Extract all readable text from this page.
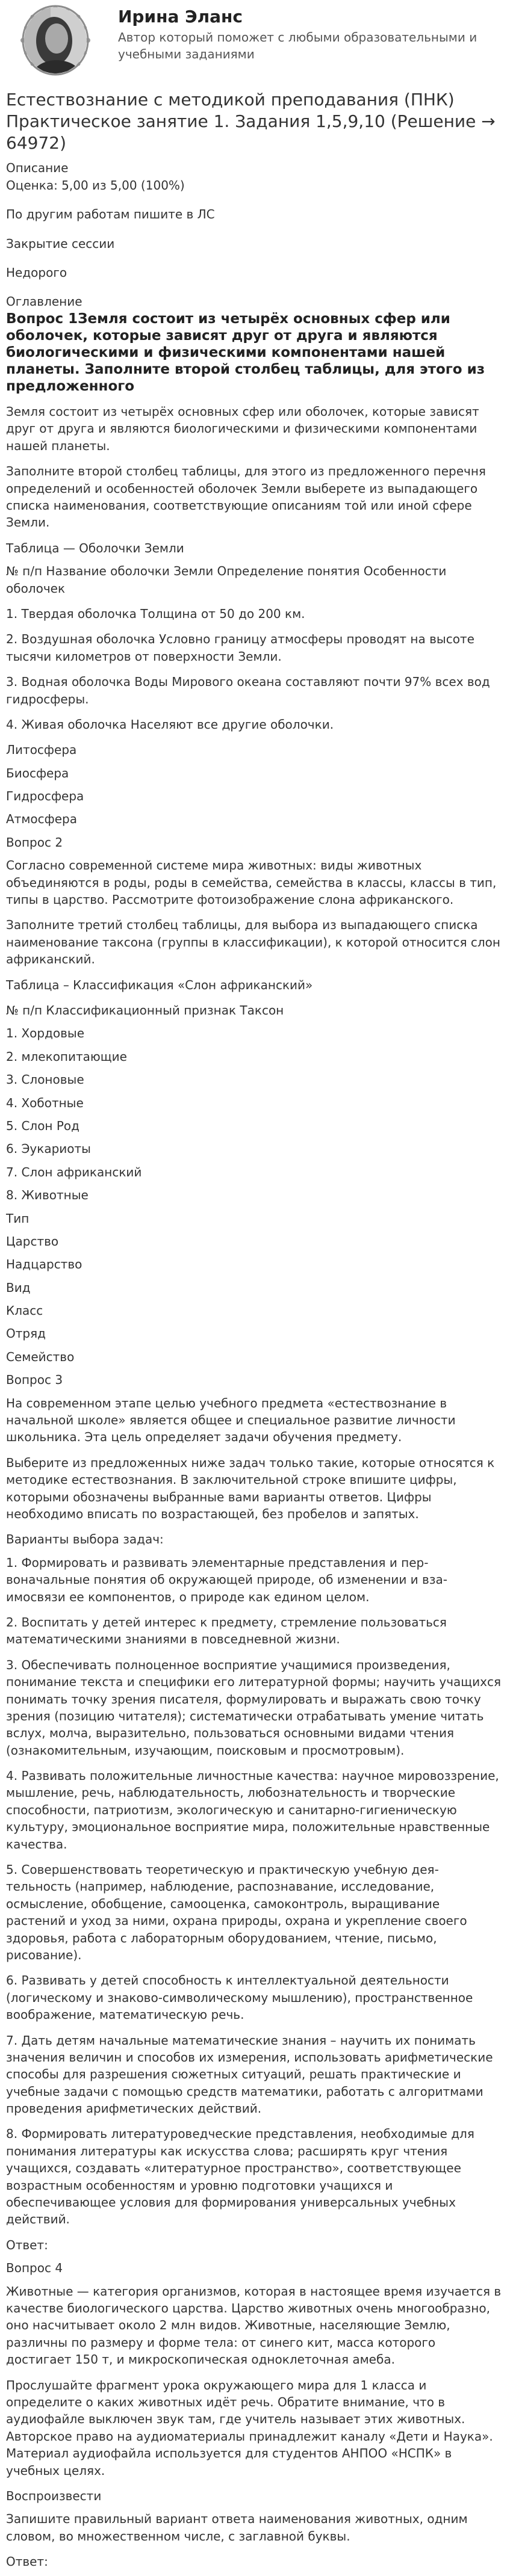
Ирина Эланс
Автор который поможет с любыми образовательными и учебными заданиями
Естествознание с методикой преподавания (ПНК) Практическое занятие 1. Задания 1,5,9,10 (Решение → 64972)
Описание
Оценка: 5,00 из 5,00 (100%)
По другим работам пишите в ЛС
Закрытие сессии
Недорого
Оглавление
Вопрос 1Земля состоит из четырёх основных сфер или оболочек, которые зависят друг от друга и являются биологическими и физическими компонентами нашей планеты. Заполните второй столбец таблицы, для этого из предложенного

Земля состоит из четырёх основных сфер или оболочек, которые зависят друг от друга и являются биологическими и физическими компонентами нашей планеты.

Заполните второй столбец таблицы, для этого из предложенного перечня определений и особенностей оболочек Земли выберете из выпадающего списка наименования, соответствующие описаниям той или иной сфере Земли.

Таблица — Оболочки Земли

№ п/п Название оболочки Земли Определение понятия Особенности оболочек

1. Твердая оболочка Толщина от 50 до 200 км.

2. Воздушная оболочка Условно границу атмосферы проводят на высоте тысячи километров от поверхности Земли.

3. Водная оболочка Воды Мирового океана составляют почти 97% всех вод гидросферы.

4. Живая оболочка Населяют все другие оболочки.

Литосфера

Биосфера

Гидросфера

Атмосфера

Вопрос 2

Согласно современной системе мира животных: виды животных объединяются в роды, роды в семейства, семейства в классы, классы в тип, типы в царство. Рассмотрите фотоизображение слона африканского.

Заполните третий столбец таблицы, для выбора из выпадающего списка наименование таксона (группы в классификации), к которой относится слон африканский.

Таблица – Классификация «Слон африканский»

№ п/п Классификационный признак Таксон

1. Хордовые

2. млекопитающие

3. Слоновые

4. Хоботные

5. Слон Род

6. Эукариоты

7. Слон африканский

8. Животные

Тип

Царство

Надцарство

Вид

Класс

Отряд

Семейство

Вопрос 3

На современном этапе целью учебного предмета «естествознание в начальной школе» является общее и специальное развитие личности школьника. Эта цель определяет задачи обучения предмету.

Выберите из предложенных ниже задач только такие, которые относятся к методике естествознания. В заключительной строке впишите цифры, которыми обозначены выбранные вами варианты ответов. Цифры необходимо вписать по возрастающей, без пробелов и запятых.

Варианты выбора задач:

1. Формировать и развивать элементарные представления и пер-воначальные понятия об окружающей природе, об изменении и вза-имосвязи ее компонентов, о природе как едином целом.

2. Воспитать у детей интерес к предмету, стремление пользоваться математическими знаниями в повседневной жизни.

3. Обеспечивать полноценное восприятие учащимися произведения, понимание текста и специфики его литературной формы; научить учащихся понимать точку зрения писателя, формулировать и выражать свою точку зрения (позицию читателя); систематически отрабатывать умение читать вслух, молча, выразительно, пользоваться основными видами чтения (ознакомительным, изучающим, поисковым и просмотровым).

4. Развивать положительные личностные качества: научное мировоззрение, мышление, речь, наблюдательность, любознательность и творческие способности, патриотизм, экологическую и санитарно-гигиеническую культуру, эмоциональное восприятие мира, положительные нравственные качества.

5. Совершенствовать теоретическую и практическую учебную дея-тельность (например, наблюдение, распознавание, исследование, осмысление, обобщение, самооценка, самоконтроль, выращивание растений и уход за ними, охрана природы, охрана и укрепление своего здоровья, работа с лабораторным оборудованием, чтение, письмо, рисование).

6. Развивать у детей способность к интеллектуальной деятельности (логическому и знаково-символическому мышлению), пространственное воображение, математическую речь.

7. Дать детям начальные математические знания – научить их понимать значения величин и способов их измерения, использовать арифметические способы для разрешения сюжетных ситуаций, решать практические и учебные задачи с помощью средств математики, работать с алгоритмами проведения арифметических действий.

8. Формировать литературоведческие представления, необходимые для понимания литературы как искусства слова; расширять круг чтения учащихся, создавать «литературное пространство», соответствующее возрастным особенностям и уровню подготовки учащихся и обеспечивающее условия для формирования универсальных учебных действий.

Ответ:

Вопрос 4

Животные — категория организмов, которая в настоящее время изучается в качестве биологического царства. Царство животных очень многообразно, оно насчитывает около 2 млн видов. Животные, населяющие Землю, различны по размеру и форме тела: от синего кит, масса которого достигает 150 т, и микроскопическая одноклеточная амеба.

Прослушайте фрагмент урока окружающего мира для 1 класса и определите о каких животных идёт речь. Обратите внимание, что в аудиофайле выключен звук там, где учитель называет этих животных. Авторское право на аудиоматериалы принадлежит каналу «Дети и Наука». Материал аудиофайла используется для студентов АНПОО «НСПК» в учебных целях.

Воспроизвести

Запишите правильный вариант ответа наименования животных, одним словом, во множественном числе, с заглавной буквы.

Ответ:
